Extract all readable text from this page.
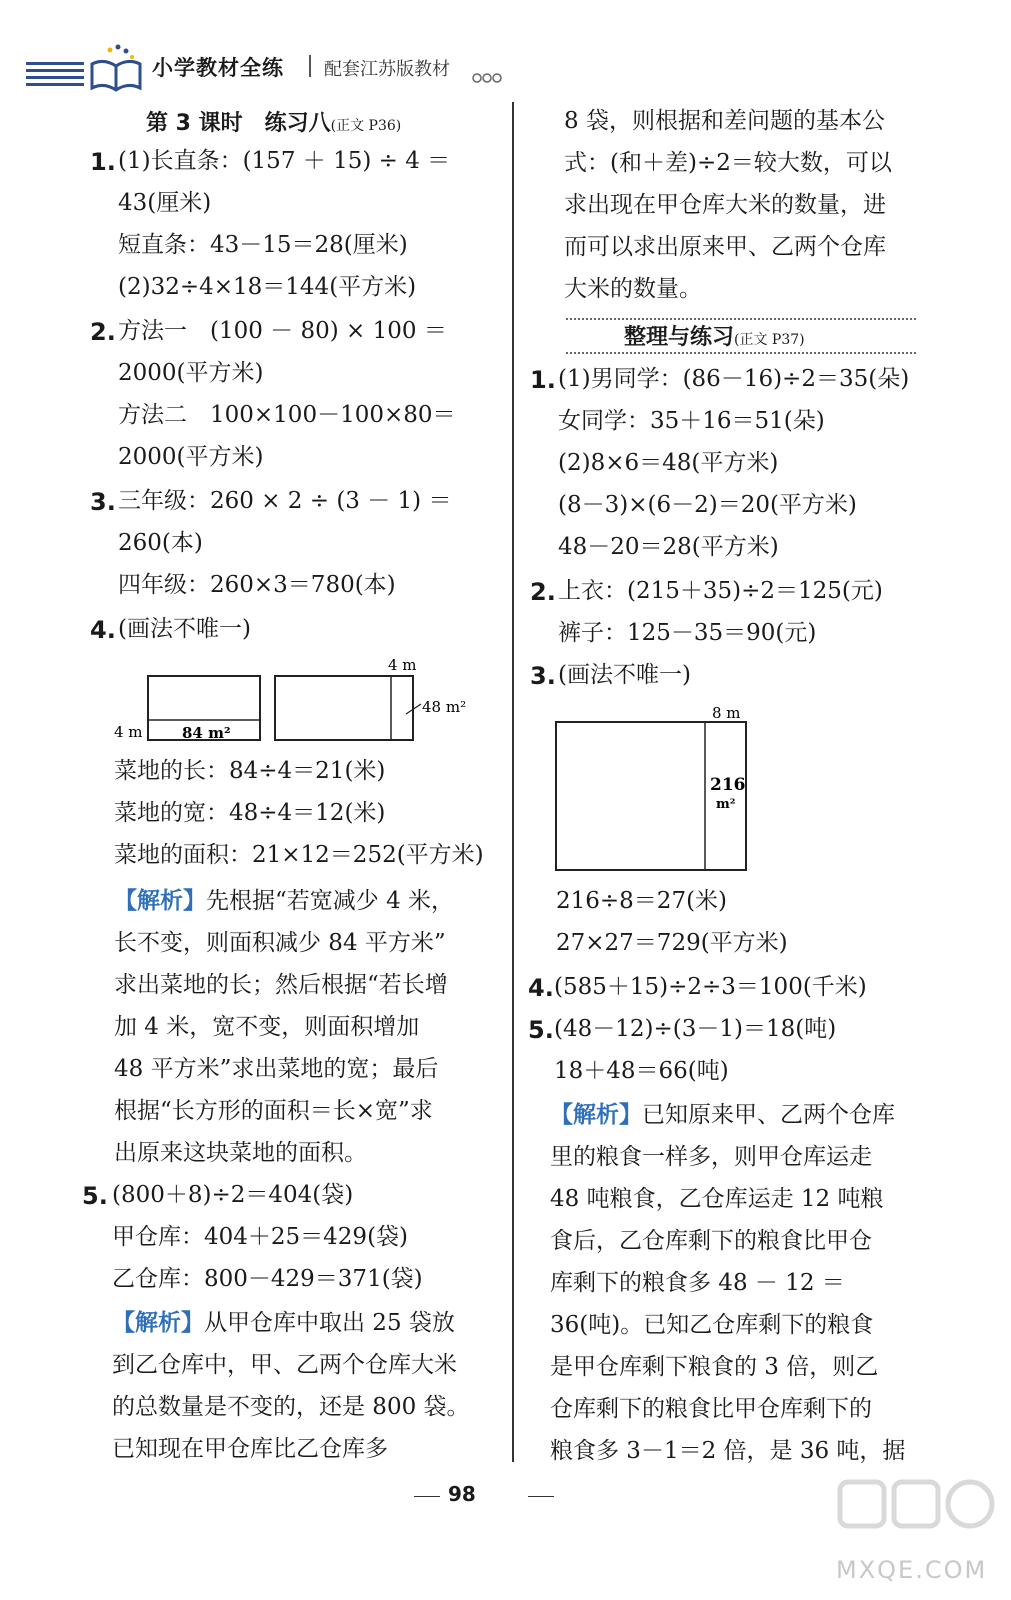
小学教材全练 配套江苏版教材
第 3 课时　练习八(正文 P36)
1. (1)长直条：(157 ＋ 15) ÷ 4 ＝
43(厘米)
短直条：43－15＝28(厘米)
(2)32÷4×18＝144(平方米)
2. 方法一　(100 － 80) × 100 ＝
2000(平方米)
方法二　100×100－100×80＝
2000(平方米)
3. 三年级：260 × 2 ÷ (3 － 1) ＝
260(本)
四年级：260×3＝780(本)
4. (画法不唯一)
4 m	84 m²
4 m
48 m²
菜地的长：84÷4＝21(米)
菜地的宽：48÷4＝12(米)
菜地的面积：21×12＝252(平方米)
【解析】先根据“若宽减少 4 米，
长不变，则面积减少 84 平方米”
求出菜地的长；然后根据“若长增
加 4 米，宽不变，则面积增加
48 平方米”求出菜地的宽；最后
根据“长方形的面积＝长×宽”求
出原来这块菜地的面积。
5. (800＋8)÷2＝404(袋)
甲仓库：404＋25＝429(袋)
乙仓库：800－429＝371(袋)
【解析】从甲仓库中取出 25 袋放
到乙仓库中，甲、乙两个仓库大米
的总数量是不变的，还是 800 袋。
已知现在甲仓库比乙仓库多
8 袋，则根据和差问题的基本公
式：(和＋差)÷2＝较大数，可以
求出现在甲仓库大米的数量，进
而可以求出原来甲、乙两个仓库
大米的数量。
整理与练习(正文 P37)
1. (1)男同学：(86－16)÷2＝35(朵)
女同学：35＋16＝51(朵)
(2)8×6＝48(平方米)
(8－3)×(6－2)＝20(平方米)
48－20＝28(平方米)
2. 上衣：(215＋35)÷2＝125(元)
裤子：125－35＝90(元)
3. (画法不唯一)
8 m
216
m²
216÷8＝27(米)
27×27＝729(平方米)
4. (585＋15)÷2÷3＝100(千米)
5. (48－12)÷(3－1)＝18(吨)
18＋48＝66(吨)
【解析】已知原来甲、乙两个仓库
里的粮食一样多，则甲仓库运走
48 吨粮食，乙仓库运走 12 吨粮
食后，乙仓库剩下的粮食比甲仓
库剩下的粮食多 48 － 12 ＝
36(吨)。已知乙仓库剩下的粮食
是甲仓库剩下粮食的 3 倍，则乙
仓库剩下的粮食比甲仓库剩下的
粮食多 3－1＝2 倍，是 36 吨，据
98
MXQE.COM
